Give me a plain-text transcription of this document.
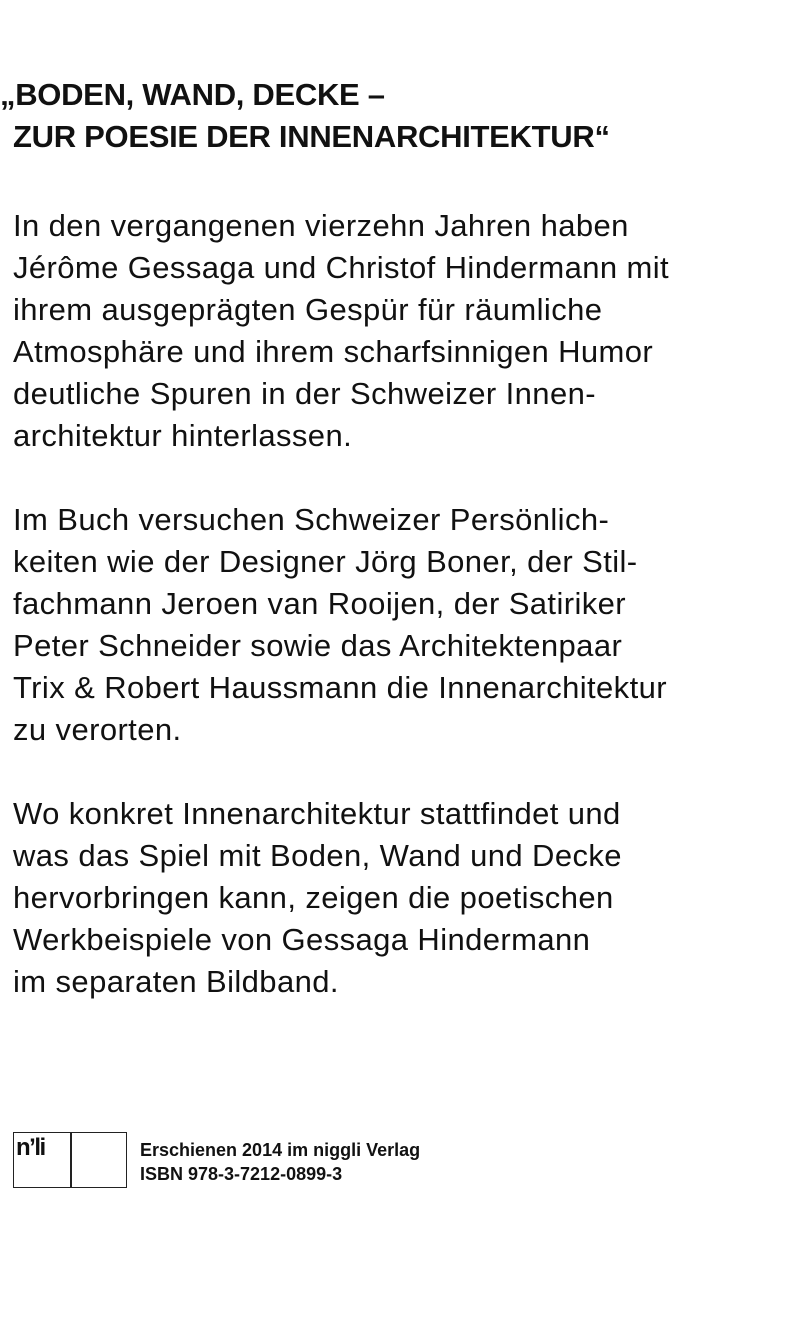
„BODEN, WAND, DECKE –
ZUR POESIE DER INNENARCHITEKTUR“

In den vergangenen vierzehn Jahren haben
Jérôme Gessaga und Christof Hindermann mit
ihrem ausgeprägten Gespür für räumliche
Atmosphäre und ihrem scharfsinnigen Humor
deutliche Spuren in der Schweizer Innen-
architektur hinterlassen.

Im Buch versuchen Schweizer Persönlich-
keiten wie der Designer Jörg Boner, der Stil-
fachmann Jeroen van Rooijen, der Satiriker
Peter Schneider sowie das Architektenpaar
Trix & Robert Haussmann die Innenarchitektur
zu verorten.

Wo konkret Innenarchitektur stattfindet und
was das Spiel mit Boden, Wand und Decke
hervorbringen kann, zeigen die poetischen
Werkbeispiele von Gessaga Hindermann
im separaten Bildband.

n’li	Erschienen 2014 im niggli Verlag
ISBN 978-3-7212-0899-3
